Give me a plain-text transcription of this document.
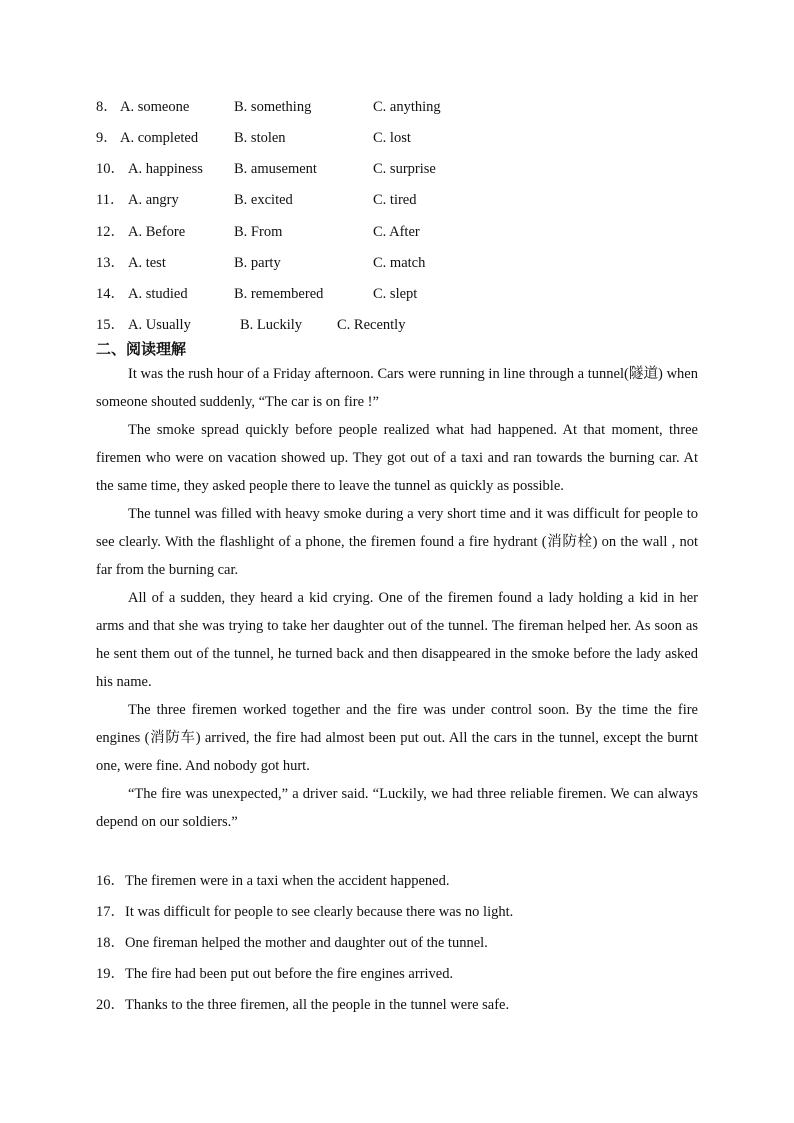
8． A. someone	B. something	C. anything
9． A. completed B. stolen	C. lost
10． A. happiness B. amusement	C. surprise
11． A. angry	B. excited	C. tired
12． A. Before	B. From	C. After
13． A. test	B. party	C. match
14． A. studied	B. remembered	C. slept
15． A. Usually	B. Luckily C. Recently
二、阅读理解

It was the rush hour of a Friday afternoon. Cars were running in line through a tunnel(隧道) when someone shouted suddenly, “The car is on fire !”

The smoke spread quickly before people realized what had happened. At that moment, three firemen who were on vacation showed up. They got out of a taxi and ran towards the burning car. At the same time, they asked people there to leave the tunnel as quickly as possible.

The tunnel was filled with heavy smoke during a very short time and it was difficult for people to see clearly. With the flashlight of a phone, the firemen found a fire hydrant (消防栓) on the wall , not far from the burning car.

All of a sudden, they heard a kid crying. One of the firemen found a lady holding a kid in her arms and that she was trying to take her daughter out of the tunnel. The fireman helped her. As soon as he sent them out of the tunnel, he turned back and then disappeared in the smoke before the lady asked his name.

The three firemen worked together and the fire was under control soon. By the time the fire engines (消防车) arrived, the fire had almost been put out. All the cars in the tunnel, except the burnt one, were fine. And nobody got hurt.

“The fire was unexpected,” a driver said. “Luckily, we had three reliable firemen. We can always depend on our soldiers.”

16．The firemen were in a taxi when the accident happened.
17．It was difficult for people to see clearly because there was no light.
18．One fireman helped the mother and daughter out of the tunnel.
19．The fire had been put out before the fire engines arrived.
20．Thanks to the three firemen, all the people in the tunnel were safe.
